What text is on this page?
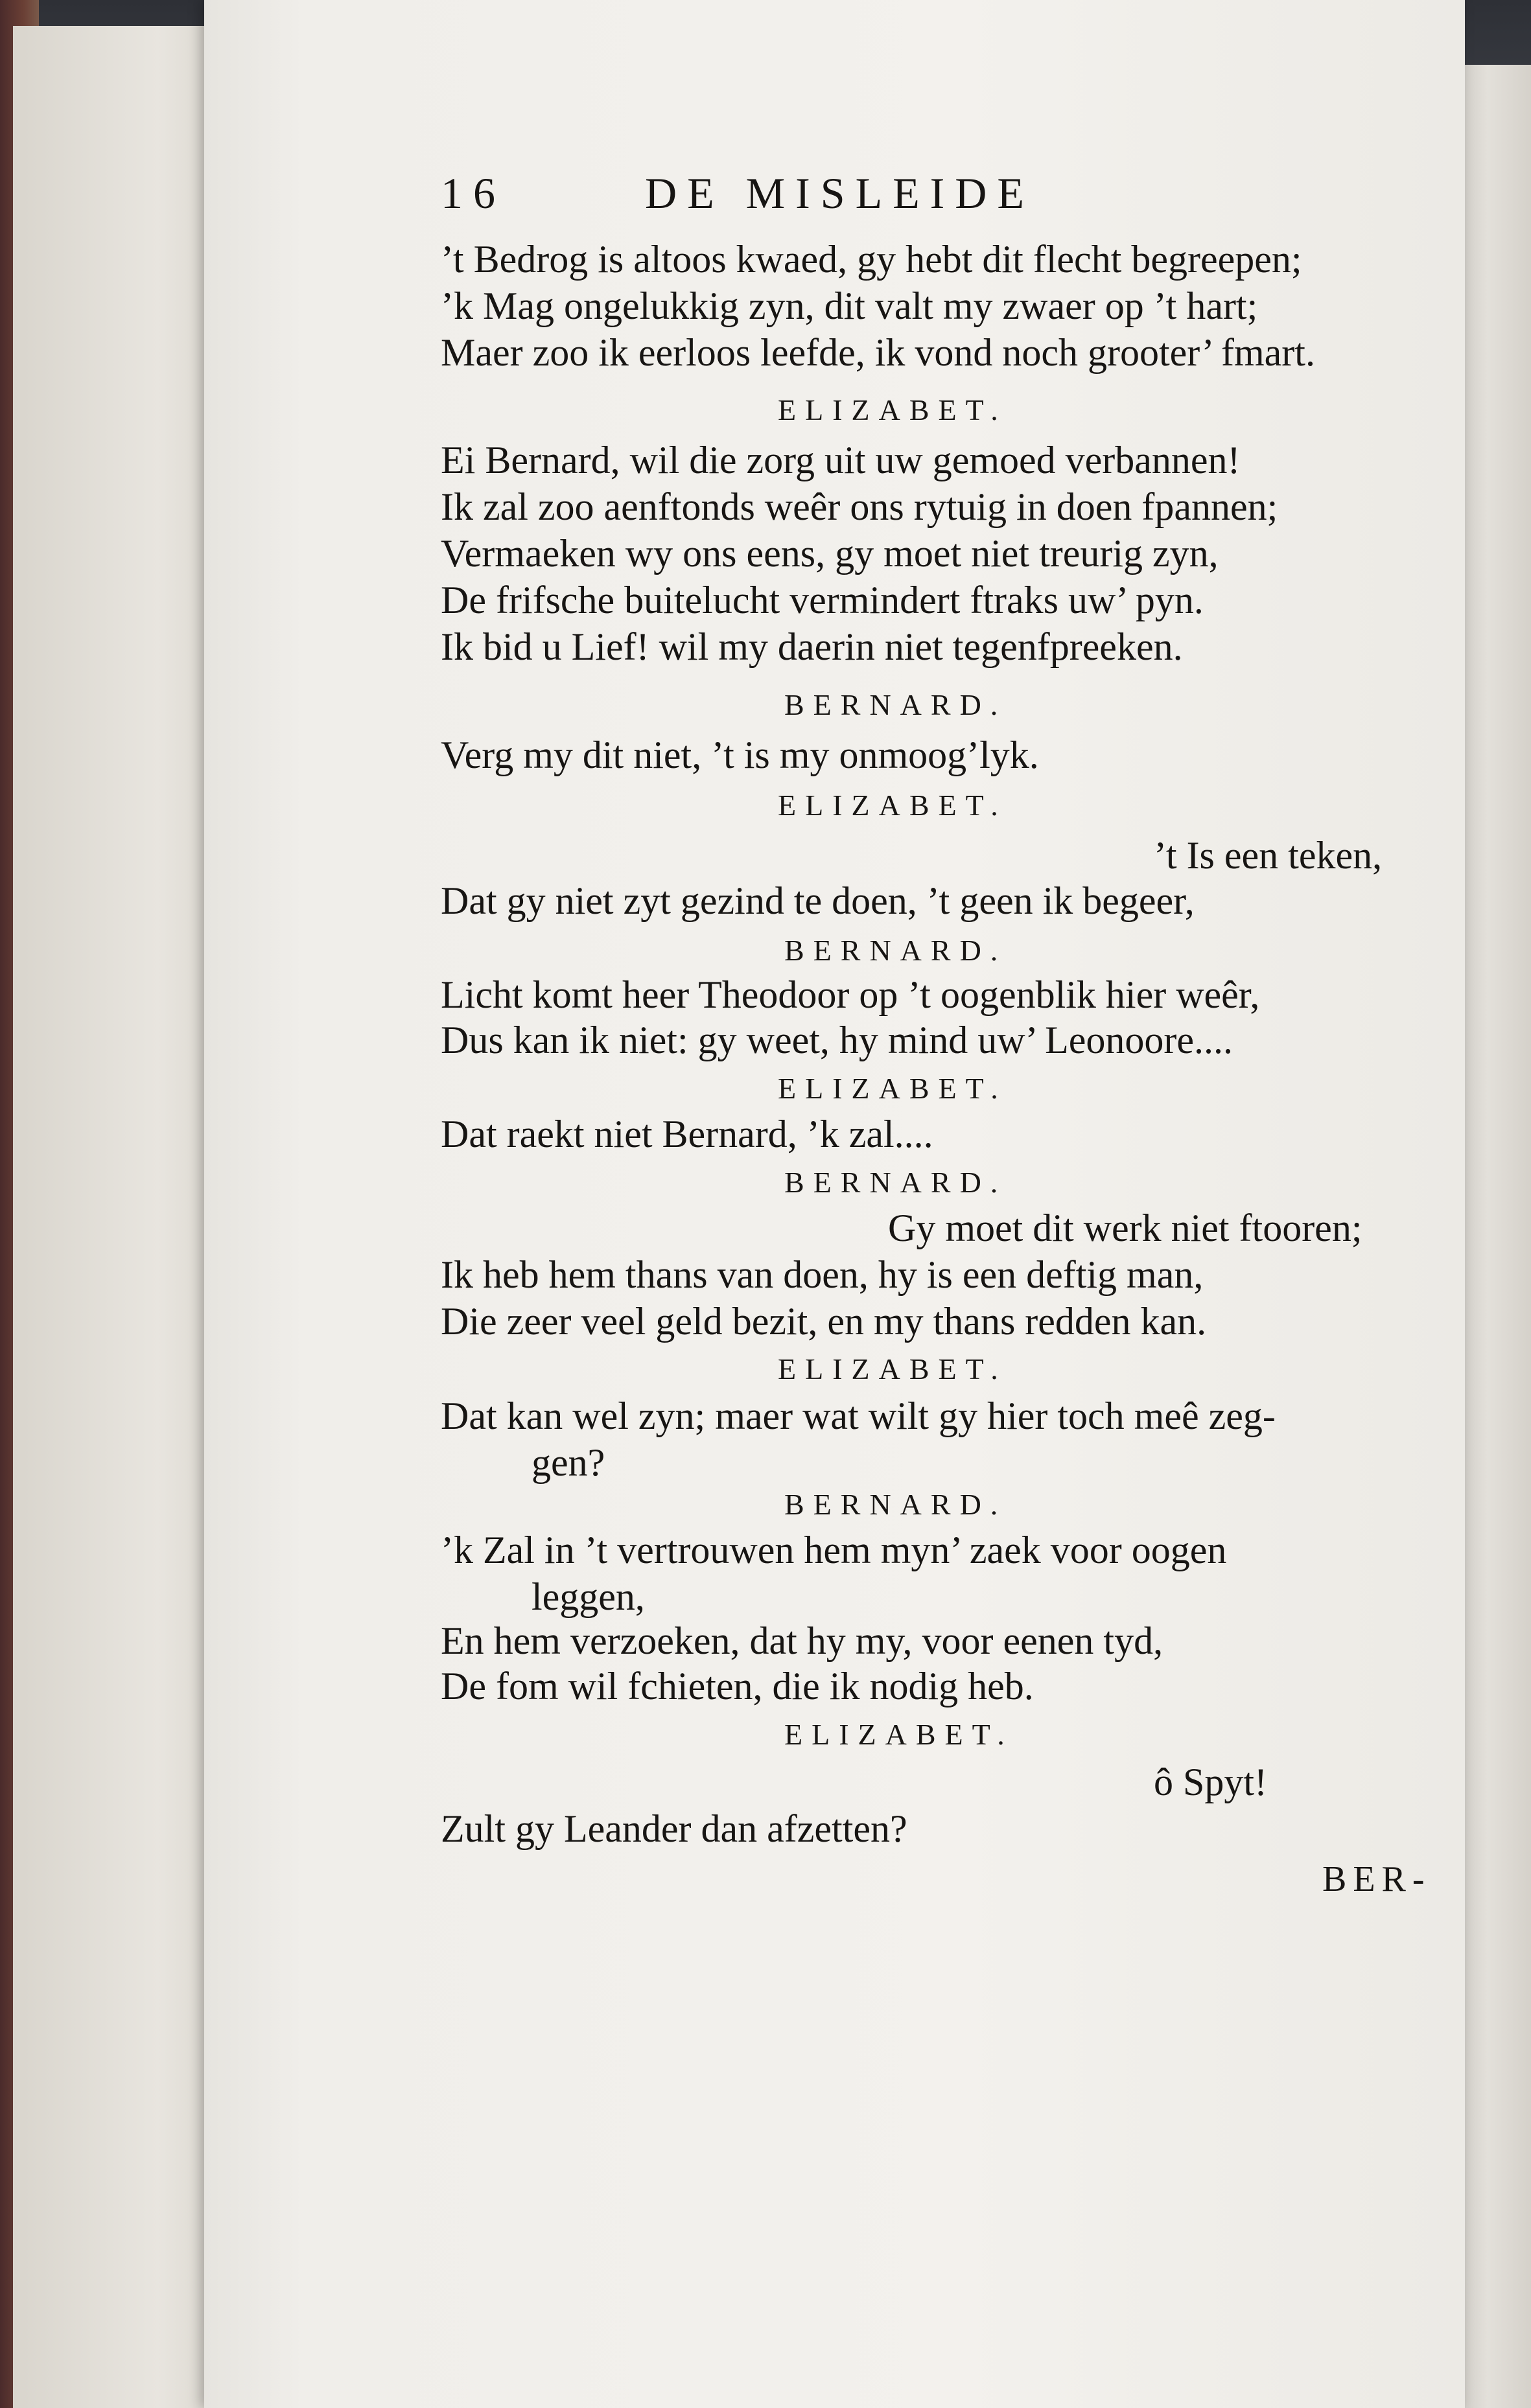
16	DE MISLEIDE
’t Bedrog is altoos kwaed, gy hebt dit flecht begreepen;
’k Mag ongelukkig zyn, dit valt my zwaer op ’t hart;
Maer zoo ik eerloos leefde, ik vond noch grooter’ fmart.
ELIZABET.
Ei Bernard, wil die zorg uit uw gemoed verbannen!
Ik zal zoo aenftonds weêr ons rytuig in doen fpannen;
Vermaeken wy ons eens, gy moet niet treurig zyn,
De frifsche buitelucht vermindert ftraks uw’ pyn.
Ik bid u Lief! wil my daerin niet tegenfpreeken.
BERNARD.
Verg my dit niet, ’t is my onmoog’lyk.
ELIZABET.
’t Is een teken,
Dat gy niet zyt gezind te doen, ’t geen ik begeer,
BERNARD.
Licht komt heer Theodoor op ’t oogenblik hier weêr,
Dus kan ik niet: gy weet, hy mind uw’ Leonoore....
ELIZABET.
Dat raekt niet Bernard, ’k zal....
BERNARD.
Gy moet dit werk niet ftooren;
Ik heb hem thans van doen, hy is een deftig man,
Die zeer veel geld bezit, en my thans redden kan.
ELIZABET.
Dat kan wel zyn; maer wat wilt gy hier toch meê zeg-
gen?
BERNARD.
’k Zal in ’t vertrouwen hem myn’ zaek voor oogen
leggen,
En hem verzoeken, dat hy my, voor eenen tyd,
De fom wil fchieten, die ik nodig heb.
ELIZABET.
ô Spyt!
Zult gy Leander dan afzetten?
BER-
